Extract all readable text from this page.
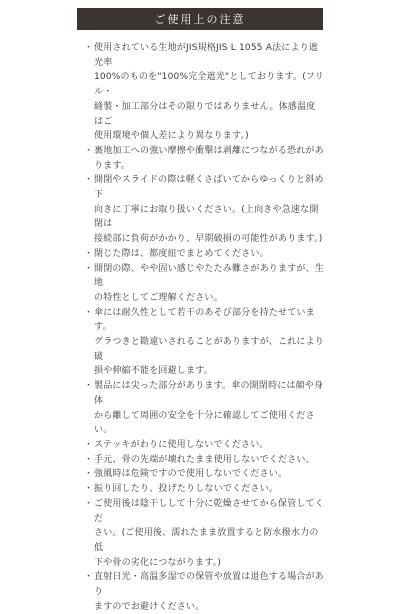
ご使用上の注意
・ 使用されている生地がJIS規格JIS L 1055 A法により遮光率
100%のものを"100%完全遮光"としております。(フリル・
縫製・加工部分はその限りではありません。体感温度はご
使用環境や個人差により異なります。)
・ 裏地加工への強い摩擦や衝撃は剥離につながる恐れがあ
ります。
・ 開閉やスライドの際は軽くさばいてからゆっくりと斜め下
向きに丁寧にお取り扱いください。(上向きや急速な開閉は
接続部に負荷がかかり、早期破損の可能性があります。)
・ 閉じた際は、都度紐でまとめてください。
・ 開閉の際、やや固い感じやたたみ難さがありますが、生地
の特性としてご理解ください。
・ 傘には耐久性として若干のあそび部分を持たせています。
グラつきと勘違いされることがありますが、これにより破
損や伸縮不能を回避します。
・ 製品には尖った部分があります。傘の開閉時には顔や身体
から離して周囲の安全を十分に確認してご使用ください。
・ ステッキがわりに使用しないでください。
・ 手元、骨の先端が壊れたまま使用しないでください。
・ 強風時は危険ですので使用しないでください。
・ 振り回したり、投げたりしないでください。
・ ご使用後は陰干しして十分に乾燥させてから保管してくだ
さい。(ご使用後、濡れたまま放置すると防水撥水力の低
下や骨の劣化につながります。)
・ 直射日光・高温多湿での保管や放置は退色する場合があり
ますのでお避けください。
